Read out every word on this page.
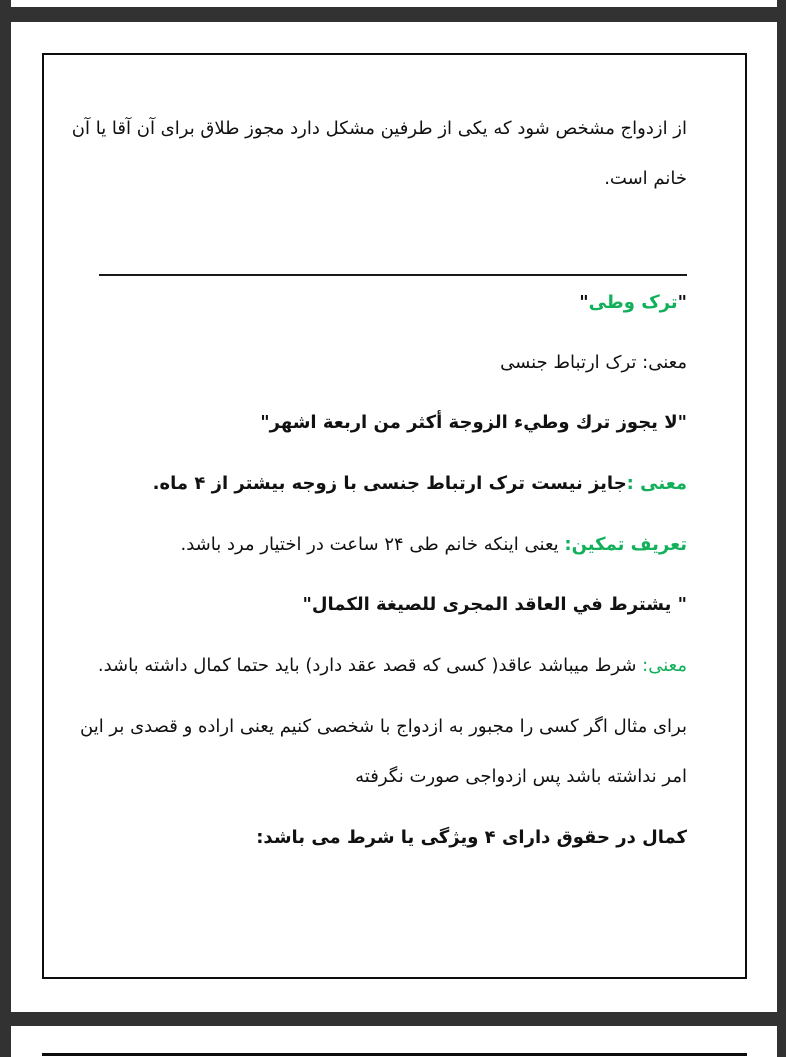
از ازدواج مشخص شود که یکی از طرفین مشکل دارد مجوز طلاق برای آن آقا یا آن
خانم است.
"ترک وطی"
معنی: ترک ارتباط جنسی
"لا يجوز ترك وطيء الزوجة أكثر من اربعة اشهر"
معنی :جایز نیست ترک ارتباط جنسی با زوجه بیشتر از ۴ ماه.
تعریف تمکین: یعنی اینکه خانم طی ۲۴ ساعت در اختیار مرد باشد.
" يشترط في العاقد المجرى للصيغة الكمال"
معنی: شرط میباشد عاقد( کسی که قصد عقد دارد) باید حتما کمال داشته باشد.
برای مثال اگر کسی را مجبور به ازدواج با شخصی کنیم یعنی اراده و قصدی بر این
امر نداشته باشد پس ازدواجی صورت نگرفته
کمال در حقوق دارای ۴ ویژگی یا شرط می باشد:
